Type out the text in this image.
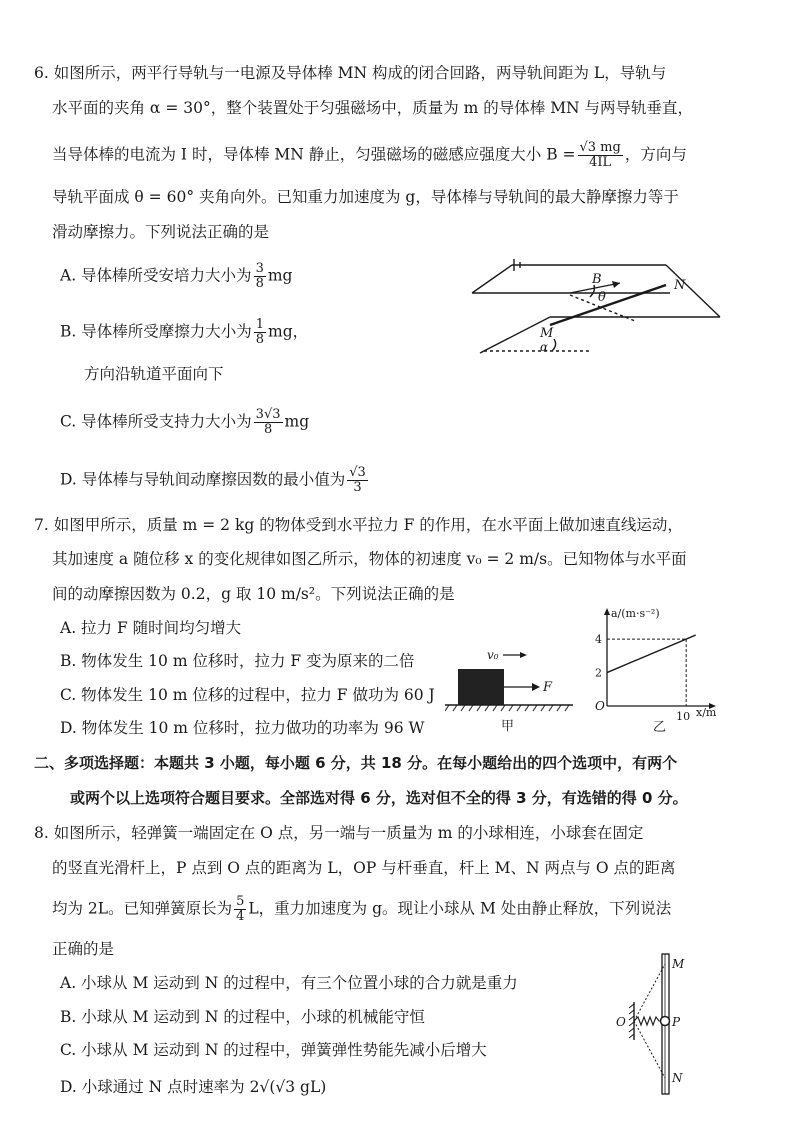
6. 如图所示，两平行导轨与一电源及导体棒 MN 构成的闭合回路，两导轨间距为 L，导轨与
水平面的夹角 α = 30°，整个装置处于匀强磁场中，质量为 m 的导体棒 MN 与两导轨垂直，
当导体棒的电流为 I 时，导体棒 MN 静止，匀强磁场的磁感应强度大小 $B = \frac{√3 mg}{4IL}$ ，方向与
导轨平面成 θ = 60° 夹角向外。已知重力加速度为 g，导体棒与导轨间的最大静摩擦力等于
滑动摩擦力。下列说法正确的是
A. 导体棒所受安培力大小为 $\frac{3}{8}$ mg
B. 导体棒所受摩擦力大小为 $\frac{1}{8}$ mg，
方向沿轨道平面向下
C. 导体棒所受支持力大小为 $\frac{3√3}{8}$ mg
D. 导体棒与导轨间动摩擦因数的最小值为 $\frac{√3}{3}$
B
θ
N
M
α
7. 如图甲所示，质量 m = 2 kg 的物体受到水平拉力 F 的作用，在水平面上做加速直线运动，
其加速度 a 随位移 x 的变化规律如图乙所示，物体的初速度 v₀ = 2 m/s。已知物体与水平面
间的动摩擦因数为 0.2，g 取 10 m/s²。下列说法正确的是
A. 拉力 F 随时间均匀增大
B. 物体发生 10 m 位移时，拉力 F 变为原来的二倍
C. 物体发生 10 m 位移的过程中，拉力 F 做功为 60 J
D. 物体发生 10 m 位移时，拉力做功的功率为 96 W
v₀
F
甲
a/(m·s⁻²)
x/m
O
乙
2
4
10
二、多项选择题：本题共 3 小题，每小题 6 分，共 18 分。在每小题给出的四个选项中，有两个
或两个以上选项符合题目要求。全部选对得 6 分，选对但不全的得 3 分，有选错的得 0 分。
8. 如图所示，轻弹簧一端固定在 O 点，另一端与一质量为 m 的小球相连，小球套在固定
的竖直光滑杆上，P 点到 O 点的距离为 L，OP 与杆垂直，杆上 M、N 两点与 O 点的距离
均为 2L。已知弹簧原长为 $\frac{5}{4}$ L，重力加速度为 g。现让小球从 M 处由静止释放，下列说法
正确的是
A. 小球从 M 运动到 N 的过程中，有三个位置小球的合力就是重力
B. 小球从 M 运动到 N 的过程中，小球的机械能守恒
C. 小球从 M 运动到 N 的过程中，弹簧弹性势能先减小后增大
D. 小球通过 N 点时速率为 2√(√3 gL)
M
O	P
N
